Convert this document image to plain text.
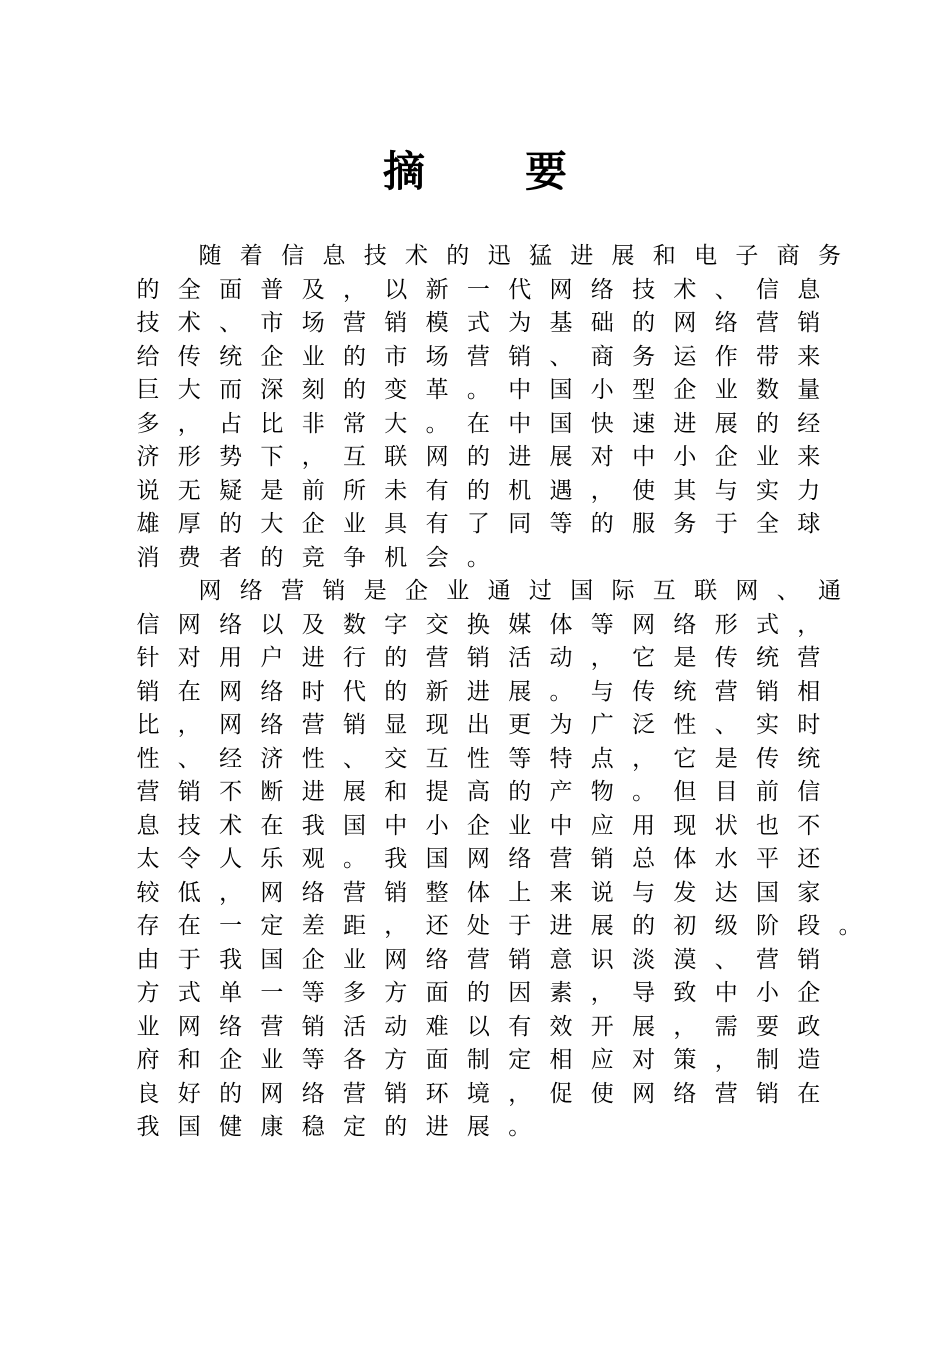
摘要
随 着 信 息 技 术 的 迅 猛 进 展 和 电 子 商 务
的 全 面 普 及 ， 以 新 一 代 网 络 技 术 、 信 息
技 术 、 市 场 营 销 模 式 为 基 础 的 网 络 营 销
给 传 统 企 业 的 市 场 营 销 、 商 务 运 作 带 来
巨 大 而 深 刻 的 变 革 。 中 国 小 型 企 业 数 量
多 ， 占 比 非 常 大 。 在 中 国 快 速 进 展 的 经
济 形 势 下 ， 互 联 网 的 进 展 对 中 小 企 业 来
说 无 疑 是 前 所 未 有 的 机 遇 ， 使 其 与 实 力
雄 厚 的 大 企 业 具 有 了 同 等 的 服 务 于 全 球
消 费 者 的 竞 争 机 会 。
网 络 营 销 是 企 业 通 过 国 际 互 联 网 、 通
信 网 络 以 及 数 字 交 换 媒 体 等 网 络 形 式 ，
针 对 用 户 进 行 的 营 销 活 动 ， 它 是 传 统 营
销 在 网 络 时 代 的 新 进 展 。 与 传 统 营 销 相
比 ， 网 络 营 销 显 现 出 更 为 广 泛 性 、 实 时
性 、 经 济 性 、 交 互 性 等 特 点 ， 它 是 传 统
营 销 不 断 进 展 和 提 高 的 产 物 。 但 目 前 信
息 技 术 在 我 国 中 小 企 业 中 应 用 现 状 也 不
太 令 人 乐 观 。 我 国 网 络 营 销 总 体 水 平 还
较 低 ， 网 络 营 销 整 体 上 来 说 与 发 达 国 家
存 在 一 定 差 距 ， 还 处 于 进 展 的 初 级 阶 段 。
由 于 我 国 企 业 网 络 营 销 意 识 淡 漠 、 营 销
方 式 单 一 等 多 方 面 的 因 素 ， 导 致 中 小 企
业 网 络 营 销 活 动 难 以 有 效 开 展 ， 需 要 政
府 和 企 业 等 各 方 面 制 定 相 应 对 策 ， 制 造
良 好 的 网 络 营 销 环 境 ， 促 使 网 络 营 销 在
我 国 健 康 稳 定 的 进 展 。
